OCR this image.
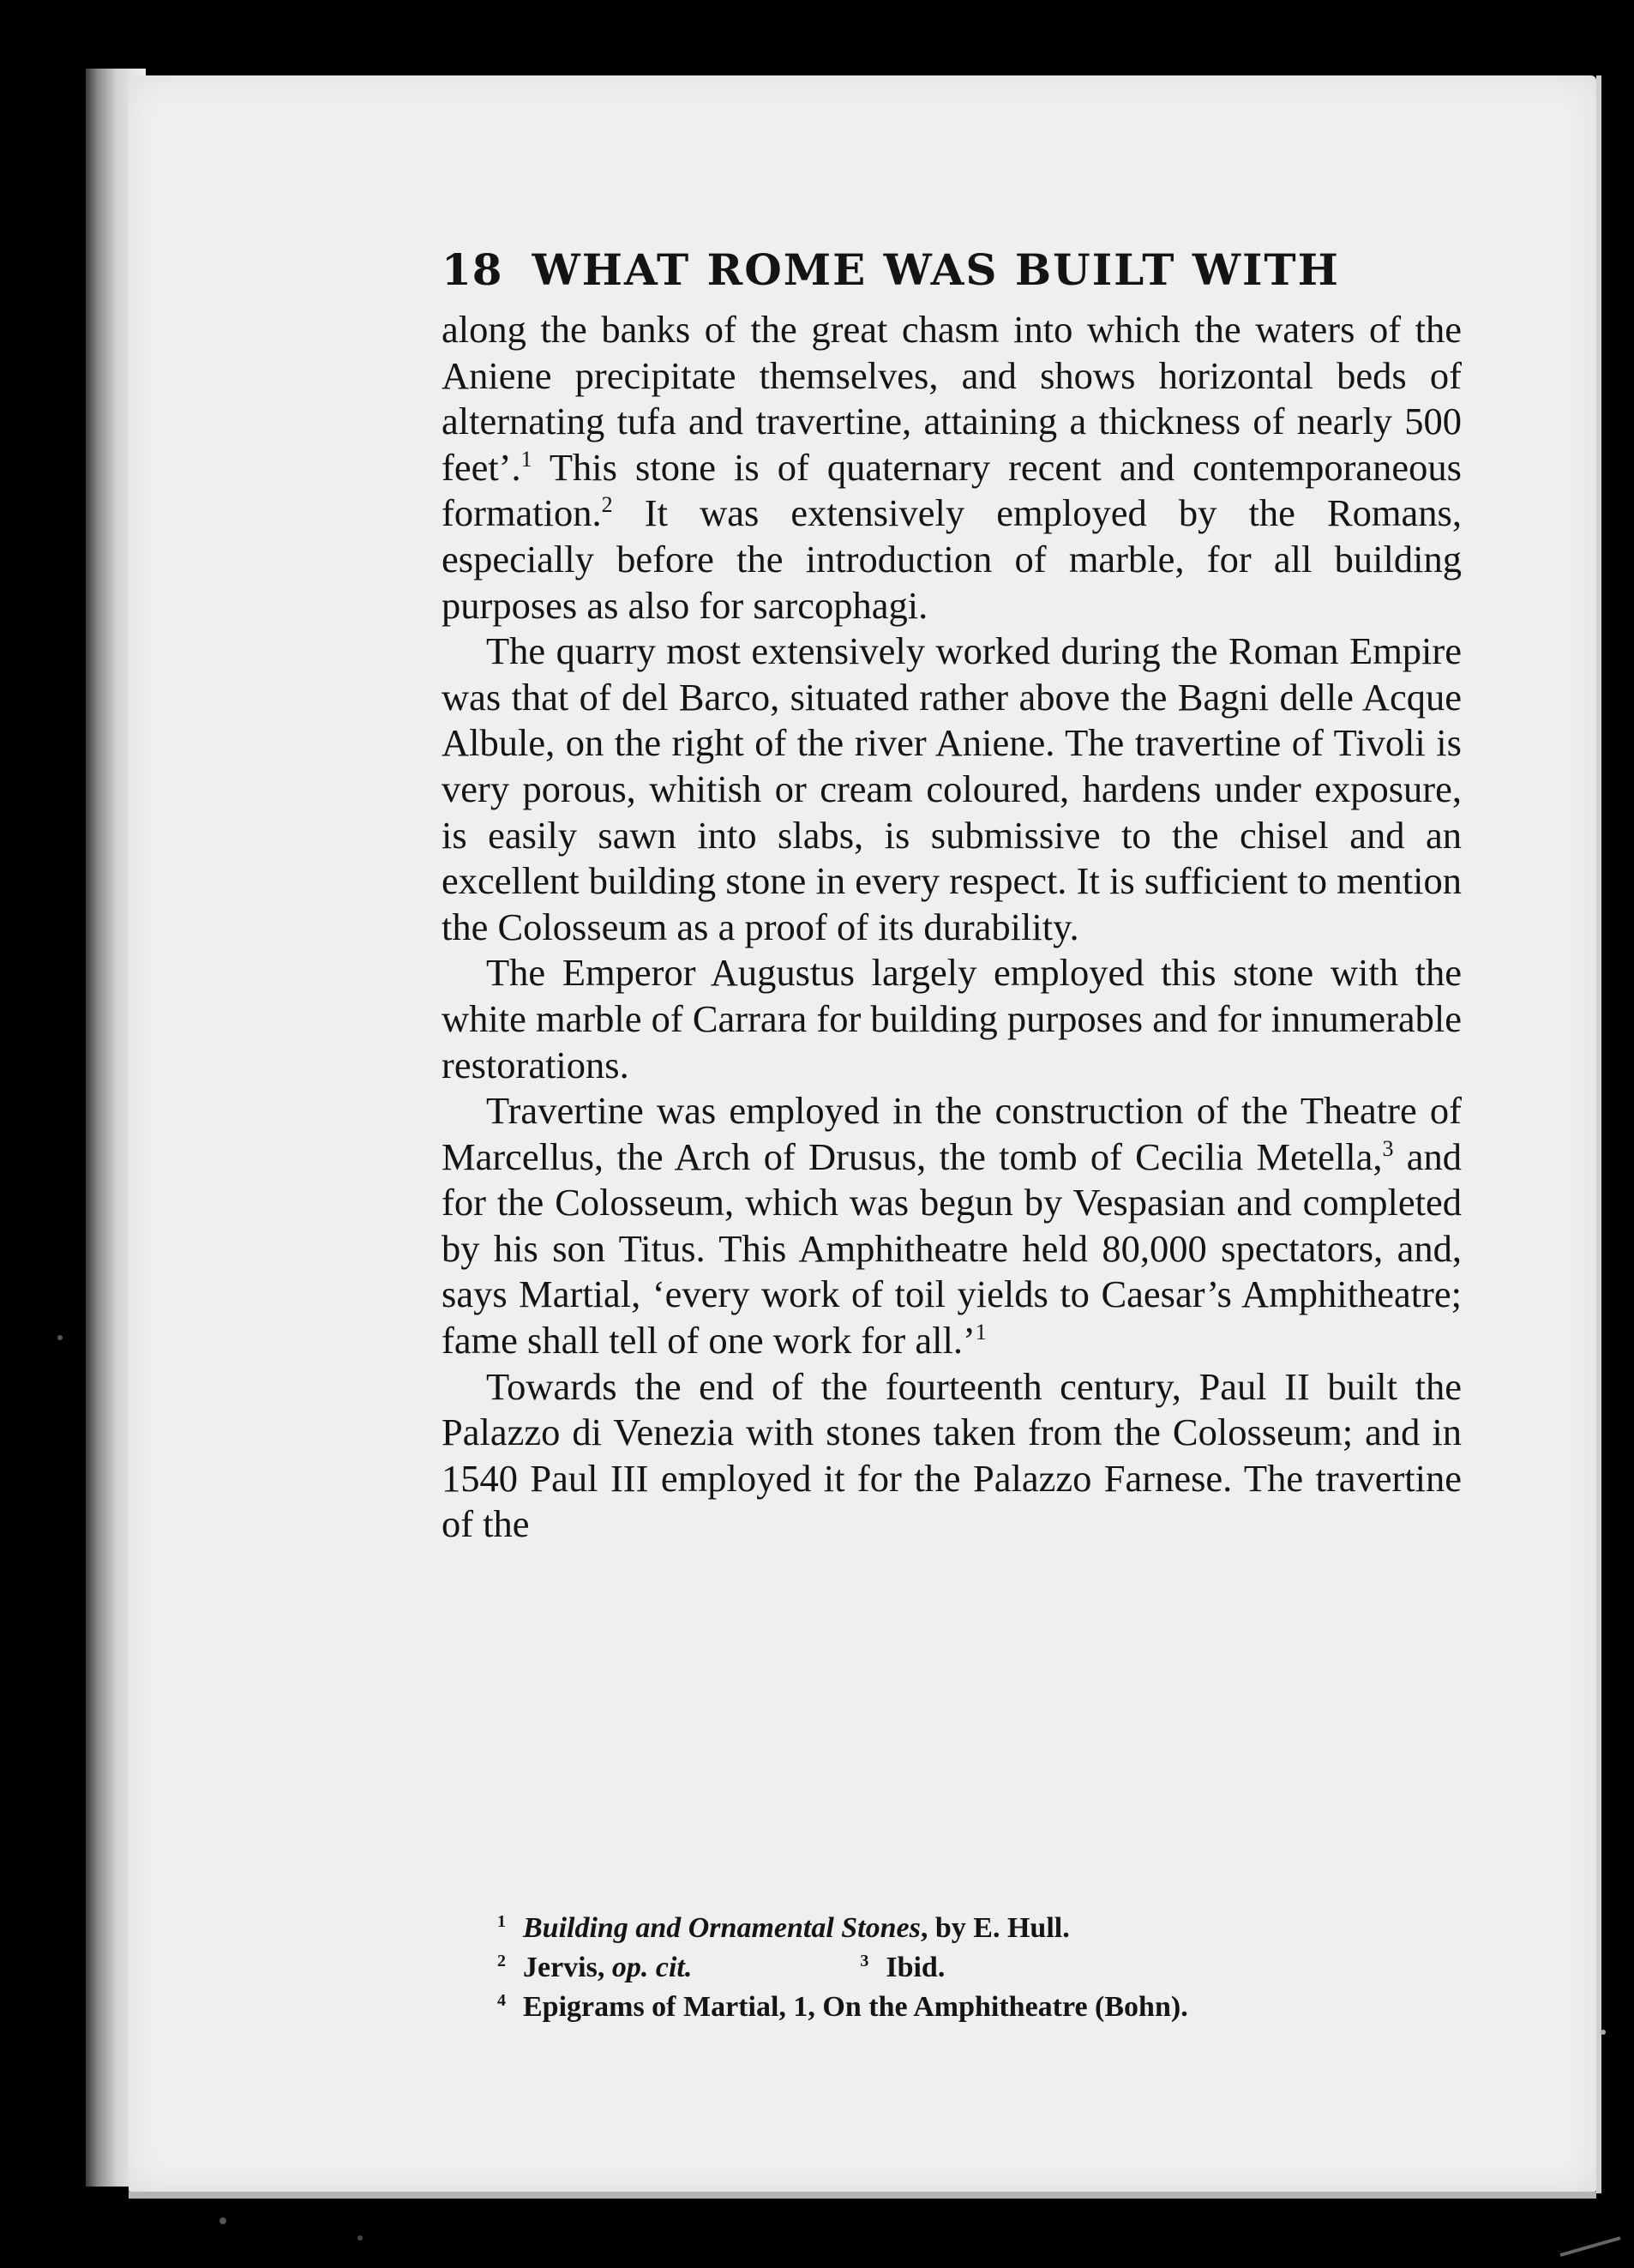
18 WHAT ROME WAS BUILT WITH

along the banks of the great chasm into which the waters of the Aniene precipitate themselves, and shows horizontal beds of alternating tufa and travertine, attaining a thickness of nearly 500 feet’.$^1$ This stone is of quaternary recent and contemporaneous formation.$^2$ It was extensively employed by the Romans, especially before the introduction of marble, for all building purposes as also for sarcophagi.

The quarry most extensively worked during the Roman Empire was that of del Barco, situated rather above the Bagni delle Acque Albule, on the right of the river Aniene. The travertine of Tivoli is very porous, whitish or cream coloured, hardens under exposure, is easily sawn into slabs, is submissive to the chisel and an excellent building stone in every respect. It is sufficient to mention the Colosseum as a proof of its durability.

The Emperor Augustus largely employed this stone with the white marble of Carrara for building purposes and for innumerable restorations.

Travertine was employed in the construction of the Theatre of Marcellus, the Arch of Drusus, the tomb of Cecilia Metella,$^3$ and for the Colosseum, which was begun by Vespasian and completed by his son Titus. This Amphitheatre held 80,000 spectators, and, says Martial, ‘every work of toil yields to Caesar’s Amphitheatre; fame shall tell of one work for all.’$^1$

Towards the end of the fourteenth century, Paul II built the Palazzo di Venezia with stones taken from the Colosseum; and in 1540 Paul III employed it for the Palazzo Farnese. The travertine of the

1 Building and Ornamental Stones, by E. Hull.
2 Jervis, op. cit.	3 Ibid.
4 Epigrams of Martial, 1, On the Amphitheatre (Bohn).
